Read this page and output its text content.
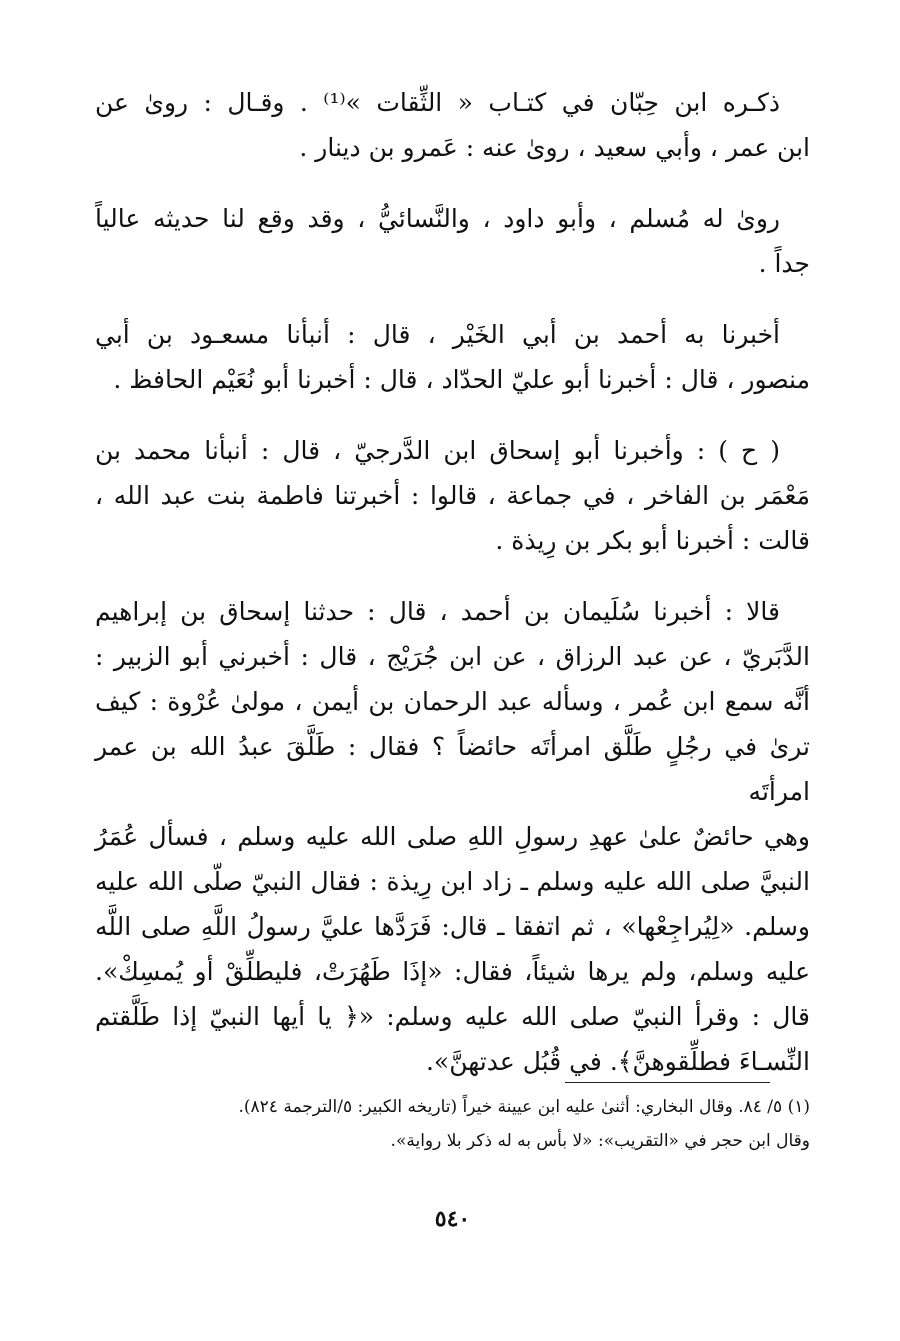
ذكـره ابن حِبّان في كتـاب « الثِّقات »⁽¹⁾ . وقـال : روىٰ عن
ابن عمر ، وأبي سعيد ، روىٰ عنه : عَمرو بن دينار .
روىٰ له مُسلم ، وأبو داود ، والنَّسائيُّ ، وقد وقع لنا حديثه عالياً
جداً .
أخبرنا به أحمد بن أبي الخَيْر ، قال : أنبأنا مسعـود بن أبي
منصور ، قال : أخبرنا أبو عليّ الحدّاد ، قال : أخبرنا أبو نُعَيْم الحافظ .
( ح ) : وأخبرنا أبو إسحاق ابن الدَّرجيّ ، قال : أنبأنا محمد بن
مَعْمَر بن الفاخر ، في جماعة ، قالوا : أخبرتنا فاطمة بنت عبد الله ،
قالت : أخبرنا أبو بكر بن رِيذة .
قالا : أخبرنا سُلَيمان بن أحمد ، قال : حدثنا إسحاق بن إبراهيم
الدَّبَريّ ، عن عبد الرزاق ، عن ابن جُرَيْج ، قال : أخبرني أبو الزبير :
أنَّه سمع ابن عُمر ، وسأله عبد الرحمان بن أيمن ، مولىٰ عُرْوة : كيف
ترىٰ في رجُلٍ طَلَّق امرأتَه حائضاً ؟ فقال : طَلَّقَ عبدُ الله بن عمر امرأتَه
وهي حائضٌ علىٰ عهدِ رسولِ اللهِ صلى الله عليه وسلم ، فسأل عُمَرُ
النبيَّ صلى الله عليه وسلم ـ زاد ابن رِيذة : فقال النبيّ صلّى الله عليه
وسلم. «لِيُراجِعْها» ، ثم اتفقا ـ قال: فَرَدَّها عليَّ رسولُ اللَّهِ صلى اللَّه
عليه وسلم، ولم يرها شيئاً، فقال: «إذَا طَهُرَتْ، فليطلِّقْ أو يُمسِكْ».
قال : وقرأ النبيّ صلى الله عليه وسلم: «﴿ يا أيها النبيّ إذا طَلَّقتم
النِّسـاءَ فطلِّقوهنَّ﴾. في قُبُل عدتهنَّ».
(١) ٥/ ٨٤. وقال البخاري: أثنىٰ عليه ابن عيينة خيراً (تاريخه الكبير: ٥/الترجمة ٨٢٤).
وقال ابن حجر في «التقريب»: «لا بأس به له ذكر بلا رواية».
٥٤٠
